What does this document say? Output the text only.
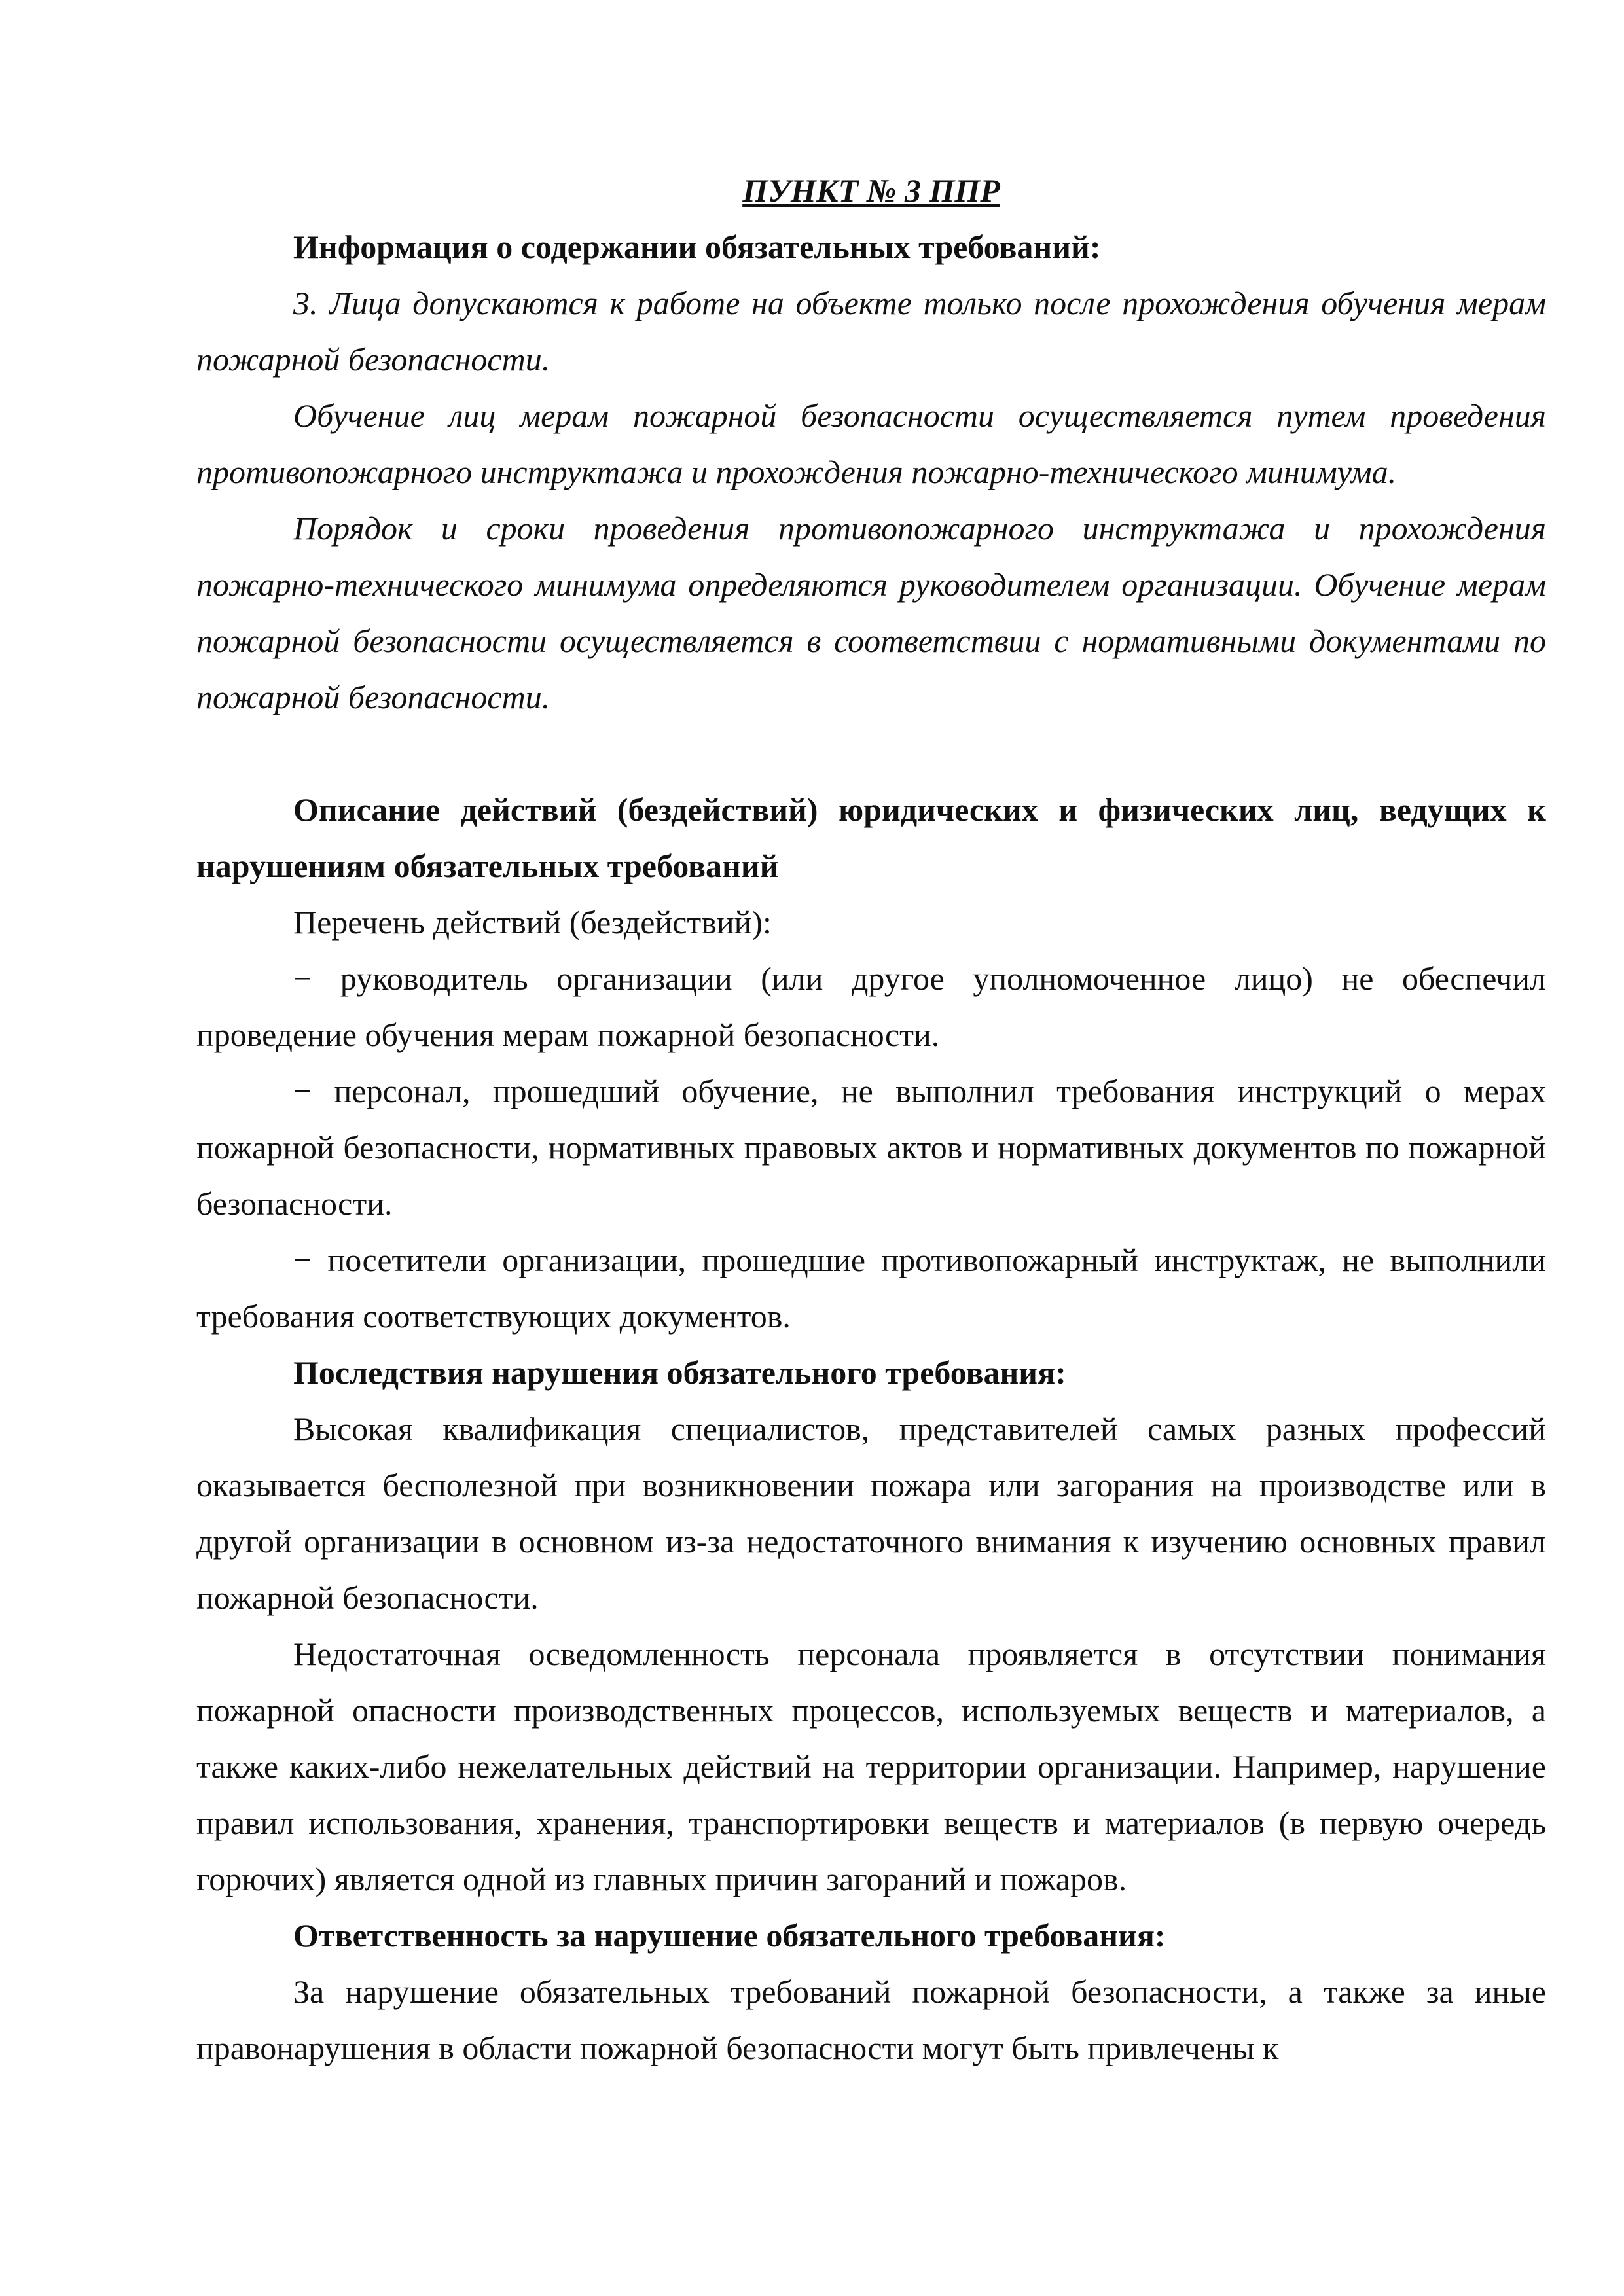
ПУНКТ № 3 ППР

Информация о содержании обязательных требований:

3. Лица допускаются к работе на объекте только после прохождения обучения мерам пожарной безопасности.

Обучение лиц мерам пожарной безопасности осуществляется путем проведения противопожарного инструктажа и прохождения пожарно-технического минимума.

Порядок и сроки проведения противопожарного инструктажа и прохождения пожарно-технического минимума определяются руководителем организации. Обучение мерам пожарной безопасности осуществляется в соответствии с нормативными документами по пожарной безопасности.

Описание действий (бездействий) юридических и физических лиц, ведущих к нарушениям обязательных требований

Перечень действий (бездействий):

− руководитель организации (или другое уполномоченное лицо) не обеспечил проведение обучения мерам пожарной безопасности.

− персонал, прошедший обучение, не выполнил требования инструкций о мерах пожарной безопасности, нормативных правовых актов и нормативных документов по пожарной безопасности.

− посетители организации, прошедшие противопожарный инструктаж, не выполнили требования соответствующих документов.

Последствия нарушения обязательного требования:

Высокая квалификация специалистов, представителей самых разных профессий оказывается бесполезной при возникновении пожара или загорания на производстве или в другой организации в основном из-за недостаточного внимания к изучению основных правил пожарной безопасности.

Недостаточная осведомленность персонала проявляется в отсутствии понимания пожарной опасности производственных процессов, используемых веществ и материалов, а также каких-либо нежелательных действий на территории организации. Например, нарушение правил использования, хранения, транспортировки веществ и материалов (в первую очередь горючих) является одной из главных причин загораний и пожаров.

Ответственность за нарушение обязательного требования:

За нарушение обязательных требований пожарной безопасности, а также за иные правонарушения в области пожарной безопасности могут быть привлечены к
